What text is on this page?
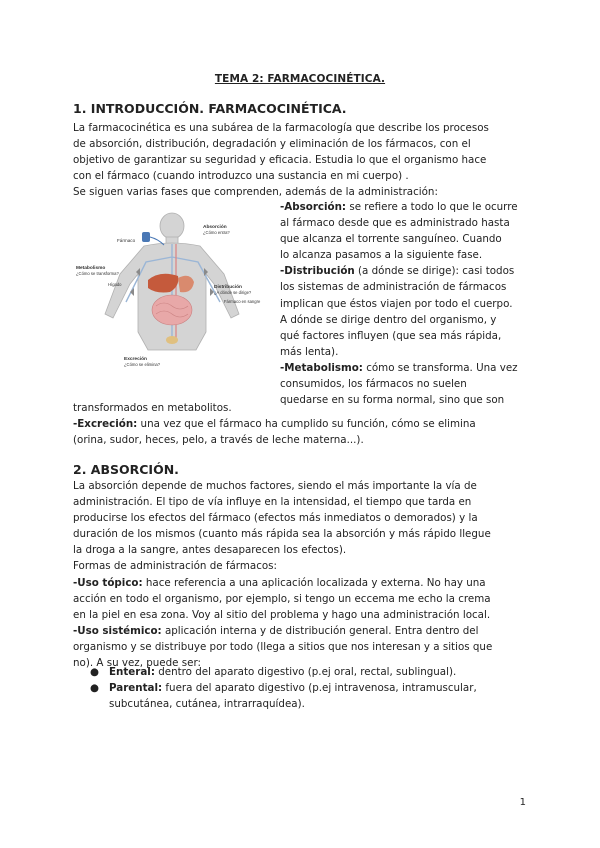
TEMA 2: FARMACOCINÉTICA.
1. INTRODUCCIÓN. FARMACOCINÉTICA.
La farmacocinética es una subárea de la farmacología que describe los procesos
de absorción, distribución, degradación y eliminación de los fármacos, con el
objetivo de garantizar su seguridad y eficacia. Estudia lo que el organismo hace
con el fármaco (cuando introduzco una sustancia en mi cuerpo) .
Se siguen varias fases que comprenden, además de la administración:
Fármaco
Absorción
¿Cómo entra?
Metabolismo
¿Cómo se transforma?
Hígado
Distribución
¿A dónde se dirige?
Fármaco en sangre
Excreción
¿Cómo se elimina?
-Absorción: se refiere a todo lo que le ocurre
al fármaco desde que es administrado hasta
que alcanza el torrente sanguíneo. Cuando
lo alcanza pasamos a la siguiente fase.
-Distribución (a dónde se dirige): casi todos
los sistemas de administración de fármacos
implican que éstos viajen por todo el cuerpo.
A dónde se dirige dentro del organismo, y
qué factores influyen (que sea más rápida,
más lenta).
-Metabolismo: cómo se transforma. Una vez
consumidos, los fármacos no suelen
quedarse en su forma normal, sino que son
transformados en metabolitos.
-Excreción: una vez que el fármaco ha cumplido su función, cómo se elimina
(orina, sudor, heces, pelo, a través de leche materna...).
2. ABSORCIÓN.
La absorción depende de muchos factores, siendo el más importante la vía de
administración. El tipo de vía influye en la intensidad, el tiempo que tarda en
producirse los efectos del fármaco (efectos más inmediatos o demorados) y la
duración de los mismos (cuanto más rápida sea la absorción y más rápido llegue
la droga a la sangre, antes desaparecen los efectos).
Formas de administración de fármacos:
-Uso tópico: hace referencia a una aplicación localizada y externa. No hay una
acción en todo el organismo, por ejemplo, si tengo un eccema me echo la crema
en la piel en esa zona. Voy al sitio del problema y hago una administración local.
-Uso sistémico: aplicación interna y de distribución general. Entra dentro del
organismo y se distribuye por todo (llega a sitios que nos interesan y a sitios que
no). A su vez, puede ser:
● Enteral: dentro del aparato digestivo (p.ej oral, rectal, sublingual).
● Parental: fuera del aparato digestivo (p.ej intravenosa, intramuscular,
subcutánea, cutánea, intrarraquídea).
1
